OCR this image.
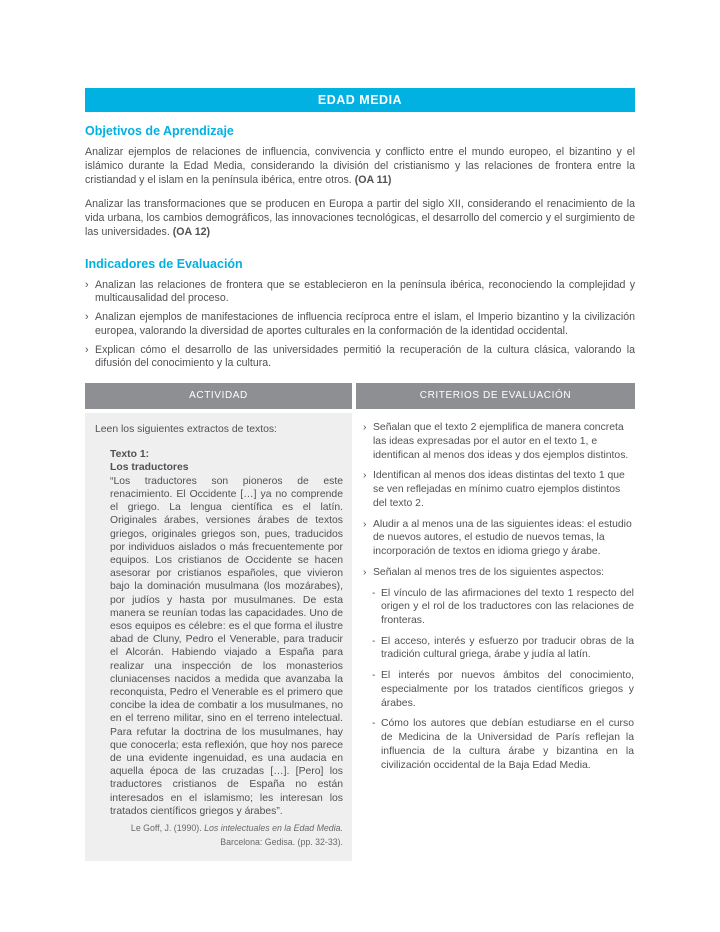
EDAD MEDIA
Objetivos de Aprendizaje

Analizar ejemplos de relaciones de influencia, convivencia y conflicto entre el mundo europeo, el bizantino y el islámico durante la Edad Media, considerando la división del cristianismo y las relaciones de frontera entre la cristiandad y el islam en la península ibérica, entre otros. (OA 11)

Analizar las transformaciones que se producen en Europa a partir del siglo XII, considerando el renacimiento de la vida urbana, los cambios demográficos, las innovaciones tecnológicas, el desarrollo del comercio y el surgimiento de las universidades. (OA 12)

Indicadores de Evaluación
› Analizan las relaciones de frontera que se establecieron en la península ibérica, reconociendo la complejidad y multicausalidad del proceso.
› Analizan ejemplos de manifestaciones de influencia recíproca entre el islam, el Imperio bizantino y la civilización europea, valorando la diversidad de aportes culturales en la conformación de la identidad occidental.
› Explican cómo el desarrollo de las universidades permitió la recuperación de la cultura clásica, valorando la difusión del conocimiento y la cultura.
ACTIVIDAD	CRITERIOS DE EVALUACIÓN
Leen los siguientes extractos de textos:
Texto 1:
Los traductores
“Los traductores son pioneros de este renacimiento. El Occidente […] ya no comprende el griego. La lengua científica es el latín. Originales árabes, versiones árabes de textos griegos, originales griegos son, pues, traducidos por individuos aislados o más frecuentemente por equipos. Los cristianos de Occidente se hacen asesorar por cristianos españoles, que vivieron bajo la dominación musulmana (los mozárabes), por judíos y hasta por musulmanes. De esta manera se reunían todas las capacidades. Uno de esos equipos es célebre: es el que forma el ilustre abad de Cluny, Pedro el Venerable, para traducir el Alcorán. Habiendo viajado a España para realizar una inspección de los monasterios cluniacenses nacidos a medida que avanzaba la reconquista, Pedro el Venerable es el primero que concibe la idea de combatir a los musulmanes, no en el terreno militar, sino en el terreno intelectual. Para refutar la doctrina de los musulmanes, hay que conocerla; esta reflexión, que hoy nos parece de una evidente ingenuidad, es una audacia en aquella época de las cruzadas […]. [Pero] los traductores cristianos de España no están interesados en el islamismo; les interesan los tratados científicos griegos y árabes”.
Le Goff, J. (1990). Los intelectuales en la Edad Media.
Barcelona: Gedisa. (pp. 32-33).
› Señalan que el texto 2 ejemplifica de manera concreta las ideas expresadas por el autor en el texto 1, e identifican al menos dos ideas y dos ejemplos distintos.
› Identifican al menos dos ideas distintas del texto 1 que se ven reflejadas en mínimo cuatro ejemplos distintos del texto 2.
› Aludir a al menos una de las siguientes ideas: el estudio de nuevos autores, el estudio de nuevos temas, la incorporación de textos en idioma griego y árabe.
› Señalan al menos tres de los siguientes aspectos:
- El vínculo de las afirmaciones del texto 1 respecto del origen y el rol de los traductores con las relaciones de fronteras.
- El acceso, interés y esfuerzo por traducir obras de la tradición cultural griega, árabe y judía al latín.
- El interés por nuevos ámbitos del conocimiento, especialmente por los tratados científicos griegos y árabes.
- Cómo los autores que debían estudiarse en el curso de Medicina de la Universidad de París reflejan la influencia de la cultura árabe y bizantina en la civilización occidental de la Baja Edad Media.
